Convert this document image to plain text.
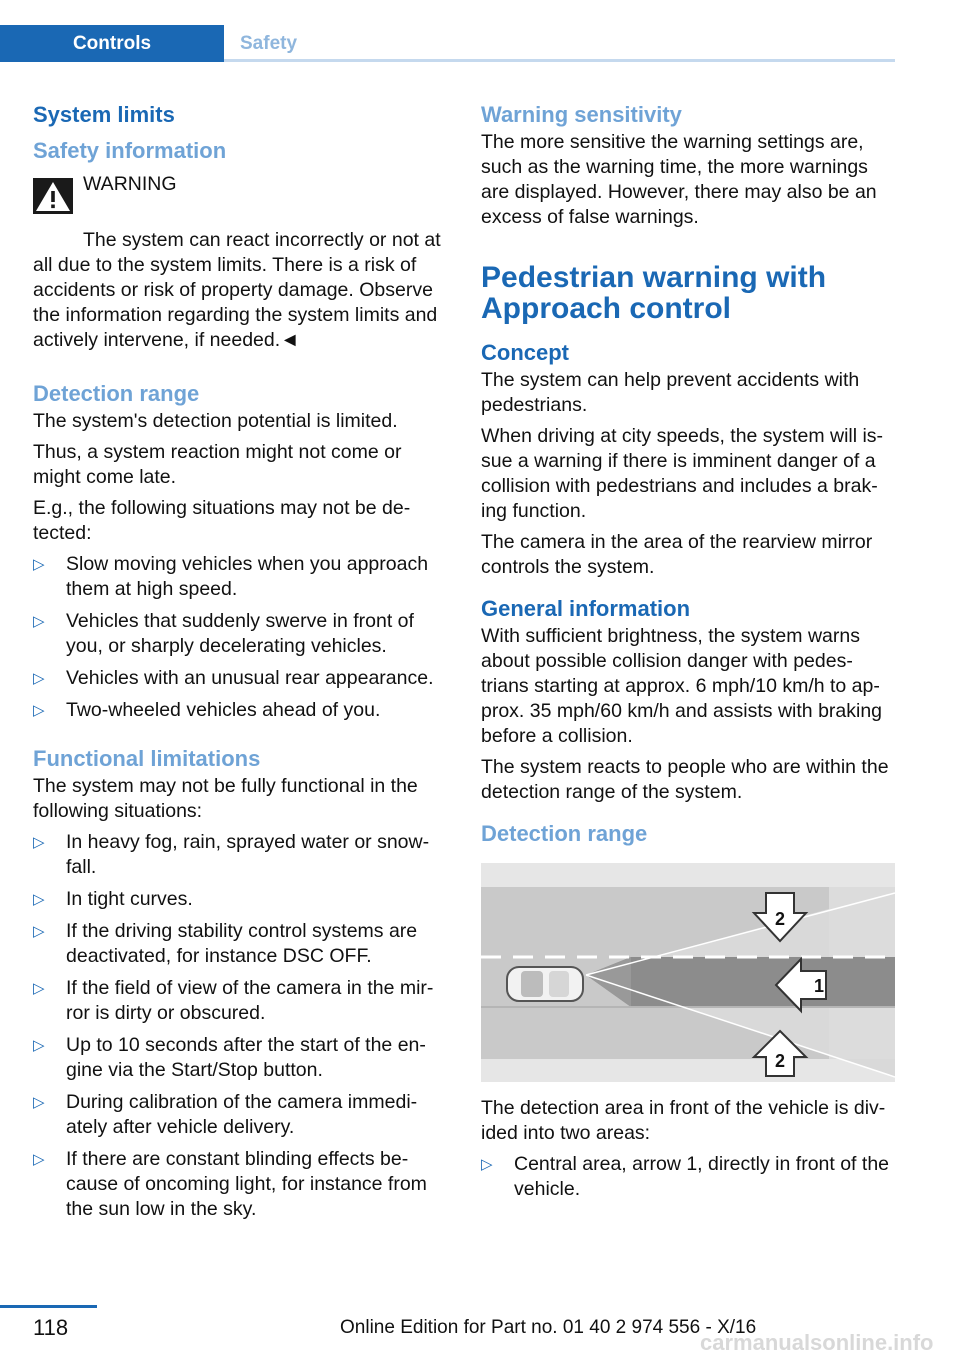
Controls	Safety
System limits
Safety information

WARNING

The system can react incorrectly or not at all due to the system limits. There is a risk of accidents or risk of property damage. Observe the information regarding the system limits and actively intervene, if needed.◄

Detection range

The system's detection potential is limited.

Thus, a system reaction might not come or might come late.

E.g., the following situations may not be de‐tected:

▷ Slow moving vehicles when you approach them at high speed.
▷ Vehicles that suddenly swerve in front of you, or sharply decelerating vehicles.
▷ Vehicles with an unusual rear appearance.
▷ Two-wheeled vehicles ahead of you.
Functional limitations

The system may not be fully functional in the following situations:

▷ In heavy fog, rain, sprayed water or snow‐fall.
▷ In tight curves.
▷ If the driving stability control systems are deactivated, for instance DSC OFF.
▷ If the field of view of the camera in the mir‐ror is dirty or obscured.
▷ Up to 10 seconds after the start of the en‐gine via the Start/Stop button.
▷ During calibration of the camera immedi‐ately after vehicle delivery.
▷ If there are constant blinding effects be‐cause of oncoming light, for instance from the sun low in the sky.
Warning sensitivity

The more sensitive the warning settings are, such as the warning time, the more warnings are displayed. However, there may also be an excess of false warnings.

Pedestrian warning with Approach control
Concept

The system can help prevent accidents with pedestrians.

When driving at city speeds, the system will is‐sue a warning if there is imminent danger of a collision with pedestrians and includes a brak‐ing function.

The camera in the area of the rearview mirror controls the system.

General information

With sufficient brightness, the system warns about possible collision danger with pedes‐trians starting at approx. 6 mph/10 km/h to ap‐prox. 35 mph/60 km/h and assists with braking before a collision.

The system reacts to people who are within the detection range of the system.

Detection range
2
1
2

The detection area in front of the vehicle is div‐ided into two areas:

▷ Central area, arrow 1, directly in front of the vehicle.
118	Online Edition for Part no. 01 40 2 974 556 - X/16
carmanualsonline.info
